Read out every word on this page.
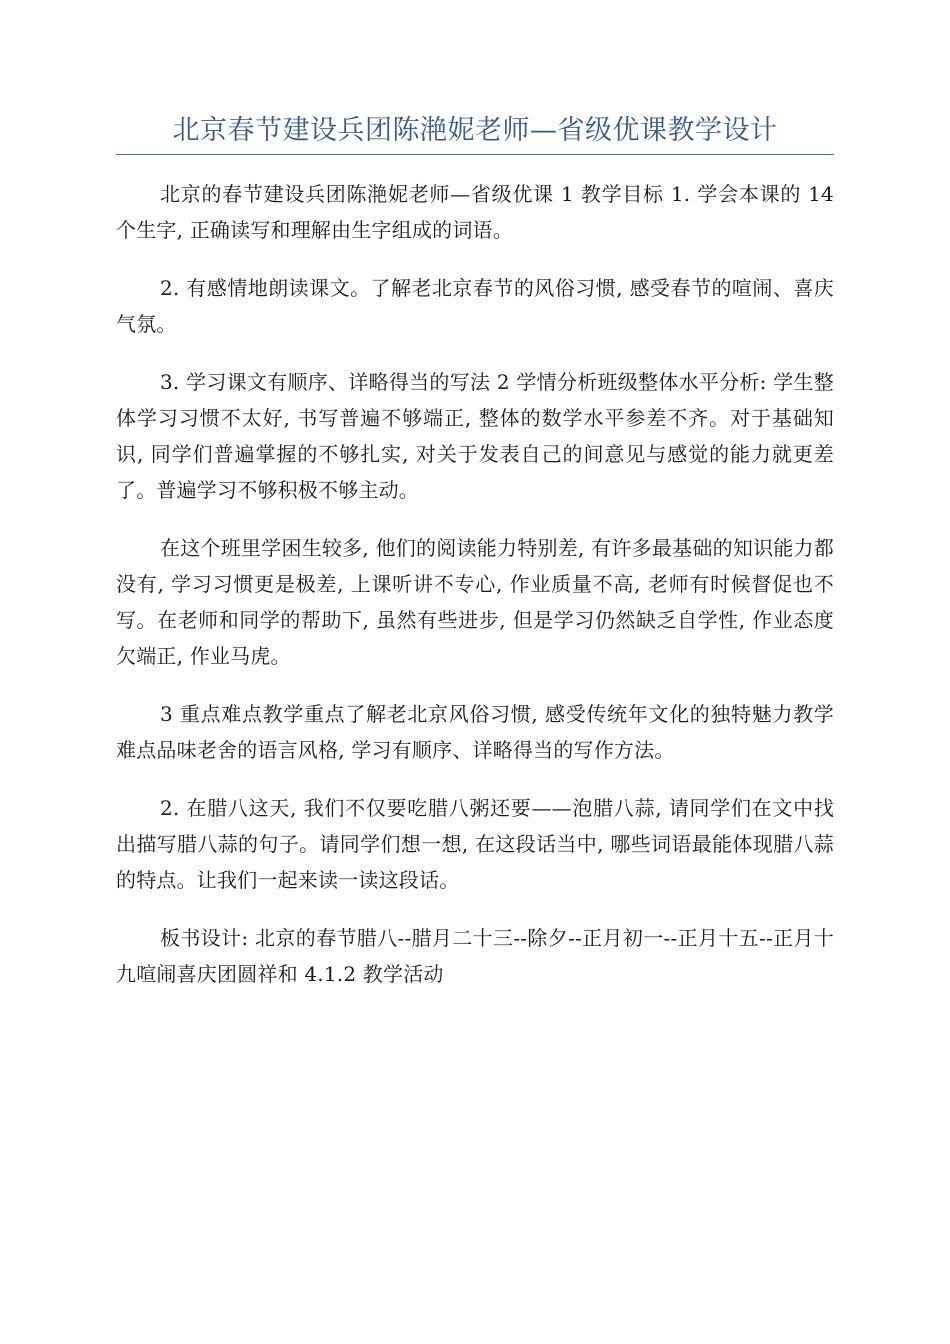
北京春节建设兵团陈滟妮老师—省级优课教学设计

北京的春节建设兵团陈滟妮老师—省级优课 1 教学目标 1. 学会本课的 14 个生字, 正确读写和理解由生字组成的词语。

2. 有感情地朗读课文。了解老北京春节的风俗习惯, 感受春节的喧闹、喜庆气氛。

3. 学习课文有顺序、详略得当的写法 2 学情分析班级整体水平分析: 学生整体学习习惯不太好, 书写普遍不够端正, 整体的数学水平参差不齐。对于基础知识, 同学们普遍掌握的不够扎实, 对关于发表自己的间意见与感觉的能力就更差了。普遍学习不够积极不够主动。

在这个班里学困生较多, 他们的阅读能力特别差, 有许多最基础的知识能力都没有, 学习习惯更是极差, 上课听讲不专心, 作业质量不高, 老师有时候督促也不写。在老师和同学的帮助下, 虽然有些进步, 但是学习仍然缺乏自学性, 作业态度欠端正, 作业马虎。

3 重点难点教学重点了解老北京风俗习惯, 感受传统年文化的独特魅力教学难点品味老舍的语言风格, 学习有顺序、详略得当的写作方法。

2. 在腊八这天, 我们不仅要吃腊八粥还要——泡腊八蒜, 请同学们在文中找出描写腊八蒜的句子。请同学们想一想, 在这段话当中, 哪些词语最能体现腊八蒜的特点。让我们一起来读一读这段话。

板书设计: 北京的春节腊八--腊月二十三--除夕--正月初一--正月十五--正月十九喧闹喜庆团圆祥和 4.1.2 教学活动
